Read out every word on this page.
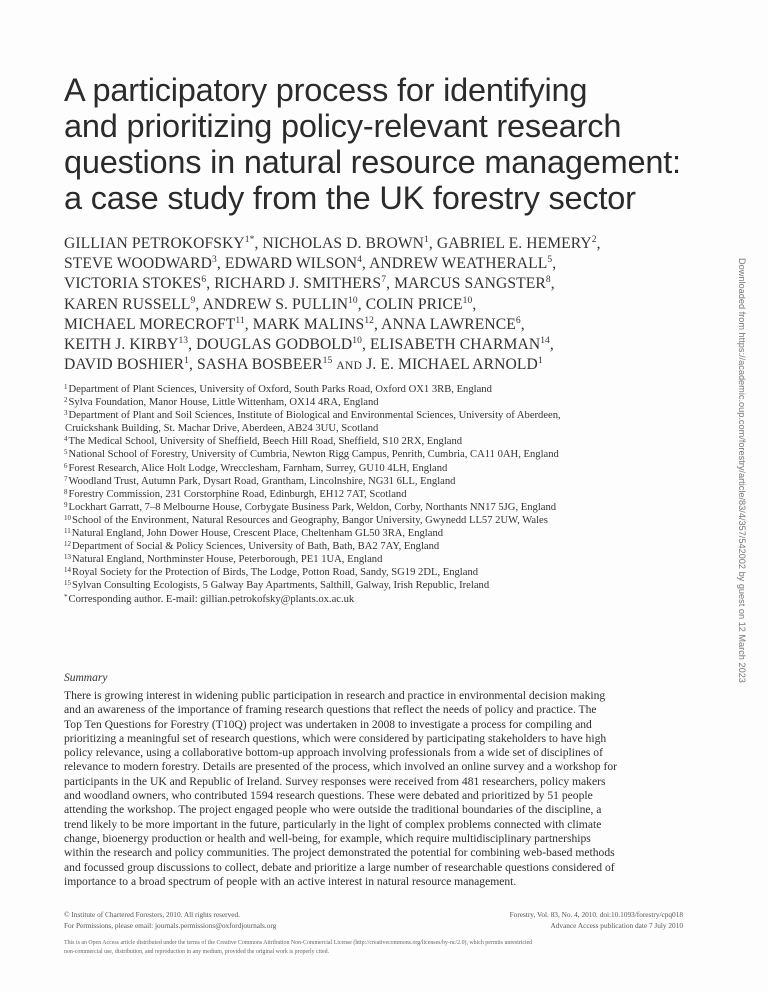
A participatory process for identifying
and prioritizing policy-relevant research
questions in natural resource management:
a case study from the UK forestry sector
GILLIAN $PETROKOFSKY^{1*}$, NICHOLAS D. BROWN$^1$, GABRIEL E. HEMERY$^2$,
STEVE WOODWARD$^3$, EDWARD WILSON$^4$, ANDREW WEATHERALL$^5$,
VICTORIA STOKES$^6$, RICHARD J. SMITHERS$^7$, MARCUS SANGSTER$^8$,
KAREN RUSSELL$^9$, ANDREW S. PULLIN$^{10}$, COLIN PRICE$^{10}$,
MICHAEL MORECROFT$^{11}$, MARK MALINS$^{12}$, ANNA LAWRENCE$^6$,
KEITH J. KIRBY$^{13}$, DOUGLAS GODBOLD$^{10}$, ELISABETH CHARMAN$^{14}$,
DAVID BOSHIER$^1$, SASHA BOSBEER$^{15}$ AND J. E. MICHAEL ARNOLD$^1$
$^1$Department of Plant Sciences, University of Oxford, South Parks Road, Oxford OX1 3RB, England
$^2$Sylva Foundation, Manor House, Little Wittenham, OX14 4RA, England
$^3$Department of Plant and Soil Sciences, Institute of Biological and Environmental Sciences, University of Aberdeen,
Cruickshank Building, St. Machar Drive, Aberdeen, AB24 3UU, Scotland
$^4$The Medical School, University of Sheffield, Beech Hill Road, Sheffield, S10 2RX, England
$^5$National School of Forestry, University of Cumbria, Newton Rigg Campus, Penrith, Cumbria, CA11 0AH, England
$^6$Forest Research, Alice Holt Lodge, Wrecclesham, Farnham, Surrey, GU10 4LH, England
$^7$Woodland Trust, Autumn Park, Dysart Road, Grantham, Lincolnshire, NG31 6LL, England
$^8$Forestry Commission, 231 Corstorphine Road, Edinburgh, EH12 7AT, Scotland
$^9$Lockhart Garratt, 7–8 Melbourne House, Corbygate Business Park, Weldon, Corby, Northants NN17 5JG, England
$^{10}$School of the Environment, Natural Resources and Geography, Bangor University, Gwynedd LL57 2UW, Wales
$^{11}$Natural England, John Dower House, Crescent Place, Cheltenham GL50 3RA, England
$^{12}$Department of Social & Policy Sciences, University of Bath, Bath, BA2 7AY, England
$^{13}$Natural England, Northminster House, Peterborough, PE1 1UA, England
$^{14}$Royal Society for the Protection of Birds, The Lodge, Potton Road, Sandy, SG19 2DL, England
$^{15}$Sylvan Consulting Ecologists, 5 Galway Bay Apartments, Salthill, Galway, Irish Republic, Ireland
*Corresponding author. E-mail: gillian.petrokofsky@plants.ox.ac.uk
Summary
There is growing interest in widening public participation in research and practice in environmental decision making
and an awareness of the importance of framing research questions that reflect the needs of policy and practice. The
Top Ten Questions for Forestry (T10Q) project was undertaken in 2008 to investigate a process for compiling and
prioritizing a meaningful set of research questions, which were considered by participating stakeholders to have high
policy relevance, using a collaborative bottom-up approach involving professionals from a wide set of disciplines of
relevance to modern forestry. Details are presented of the process, which involved an online survey and a workshop for
participants in the UK and Republic of Ireland. Survey responses were received from 481 researchers, policy makers
and woodland owners, who contributed 1594 research questions. These were debated and prioritized by 51 people
attending the workshop. The project engaged people who were outside the traditional boundaries of the discipline, a
trend likely to be more important in the future, particularly in the light of complex problems connected with climate
change, bioenergy production or health and well-being, for example, which require multidisciplinary partnerships
within the research and policy communities. The project demonstrated the potential for combining web-based methods
and focussed group discussions to collect, debate and prioritize a large number of researchable questions considered of
importance to a broad spectrum of people with an active interest in natural resource management.
© Institute of Chartered Foresters, 2010. All rights reserved.
For Permissions, please email: journals.permissions@oxfordjournals.org
Forestry, Vol. 83, No. 4, 2010. doi:10.1093/forestry/cpq018
Advance Access publication date 7 July 2010
This is an Open Access article distributed under the terms of the Creative Commons Attribution Non-Commercial License (http://creativecommons.org/licenses/by-nc/2.0), which permits unrestricted
non-commercial use, distribution, and reproduction in any medium, provided the original work is properly cited.
Downloaded from https://academic.oup.com/forestry/article/83/4/357/542002 by guest on 12 March 2023
